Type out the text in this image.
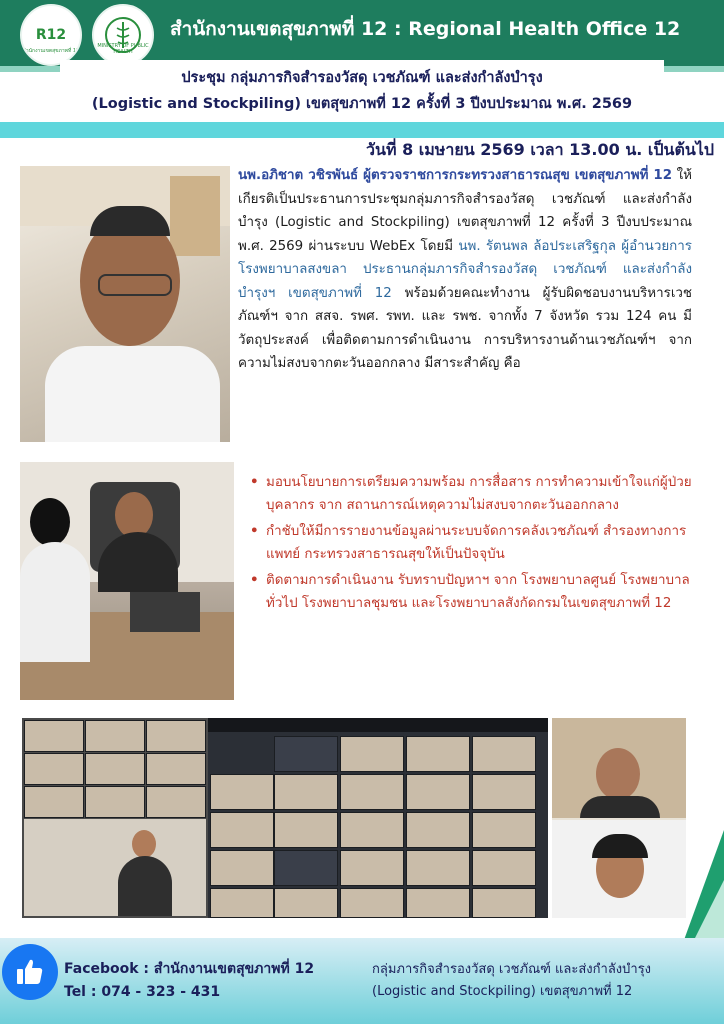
R12
สำนักงานเขตสุขภาพที่ 12
MINISTRY OF PUBLIC HEALTH
สำนักงานเขตสุขภาพที่ 12 : Regional Health Office 12
ประชุม กลุ่มภารกิจสำรองวัสดุ เวชภัณฑ์ และส่งกำลังบำรุง
(Logistic and Stockpiling) เขตสุขภาพที่ 12 ครั้งที่ 3 ปีงบประมาณ พ.ศ. 2569
วันที่ 8 เมษายน 2569 เวลา 13.00 น. เป็นต้นไป
นพ.อภิชาต วชิรพันธ์ ผู้ตรวจราชการกระทรวงสาธารณสุข เขตสุขภาพที่ 12 ให้เกียรติเป็นประธานการประชุมกลุ่มภารกิจสำรองวัสดุ เวชภัณฑ์ และส่งกำลังบำรุง (Logistic and Stockpiling) เขตสุขภาพที่ 12 ครั้งที่ 3 ปีงบประมาณ พ.ศ. 2569 ผ่านระบบ WebEx โดยมี นพ. รัตนพล ล้อประเสริฐกุล ผู้อำนวยการโรงพยาบาลสงขลา ประธานกลุ่มภารกิจสำรองวัสดุ เวชภัณฑ์ และส่งกำลังบำรุงฯ เขตสุขภาพที่ 12 พร้อมด้วยคณะทำงาน ผู้รับผิดชอบงานบริหารเวชภัณฑ์ฯ จาก สสจ. รพศ. รพท. และ รพช. จากทั้ง 7 จังหวัด รวม 124 คน มีวัตถุประสงค์ เพื่อติดตามการดำเนินงาน การบริหารงานด้านเวชภัณฑ์ฯ จากความไม่สงบจากตะวันออกกลาง มีสาระสำคัญ คือ
• มอบนโยบายการเตรียมความพร้อม การสื่อสาร การทำความเข้าใจแก่ผู้ป่วย บุคลากร จาก สถานการณ์เหตุความไม่สงบจากตะวันออกกลาง
• กำชับให้มีการรายงานข้อมูลผ่านระบบจัดการคลังเวชภัณฑ์ สำรองทางการแพทย์ กระทรวงสาธารณสุขให้เป็นปัจจุบัน
• ติดตามการดำเนินงาน รับทราบปัญหาฯ จาก โรงพยาบาลศูนย์ โรงพยาบาลทั่วไป โรงพยาบาลชุมชน และโรงพยาบาลสังกัดกรมในเขตสุขภาพที่ 12
Facebook : สำนักงานเขตสุขภาพที่ 12
Tel : 074 - 323 - 431
กลุ่มภารกิจสำรองวัสดุ เวชภัณฑ์ และส่งกำลังบำรุง
(Logistic and Stockpiling) เขตสุขภาพที่ 12
